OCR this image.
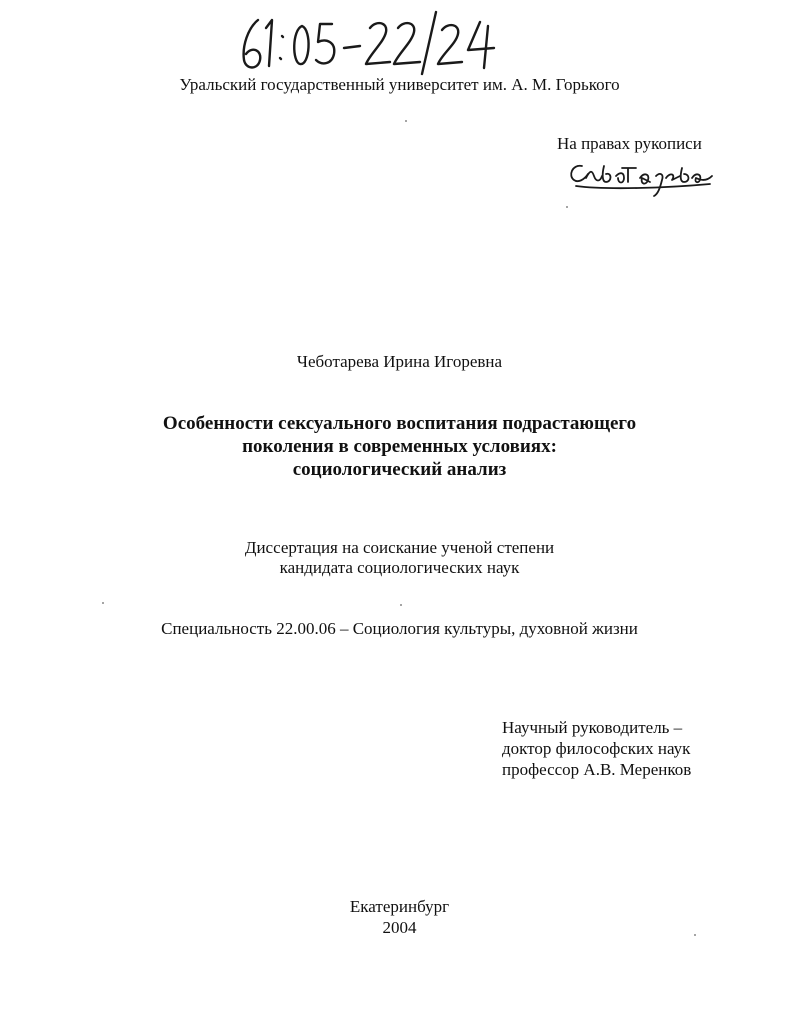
Уральский государственный университет им. А. М. Горького
На правах рукописи
Чеботарева Ирина Игоревна
Особенности сексуального воспитания подрастающего
поколения в современных условиях:
социологический анализ
Диссертация на соискание ученой степени
кандидата социологических наук
Специальность 22.00.06 – Социология культуры, духовной жизни
Научный руководитель –
доктор философских наук
профессор А.В. Меренков
Екатеринбург
2004
